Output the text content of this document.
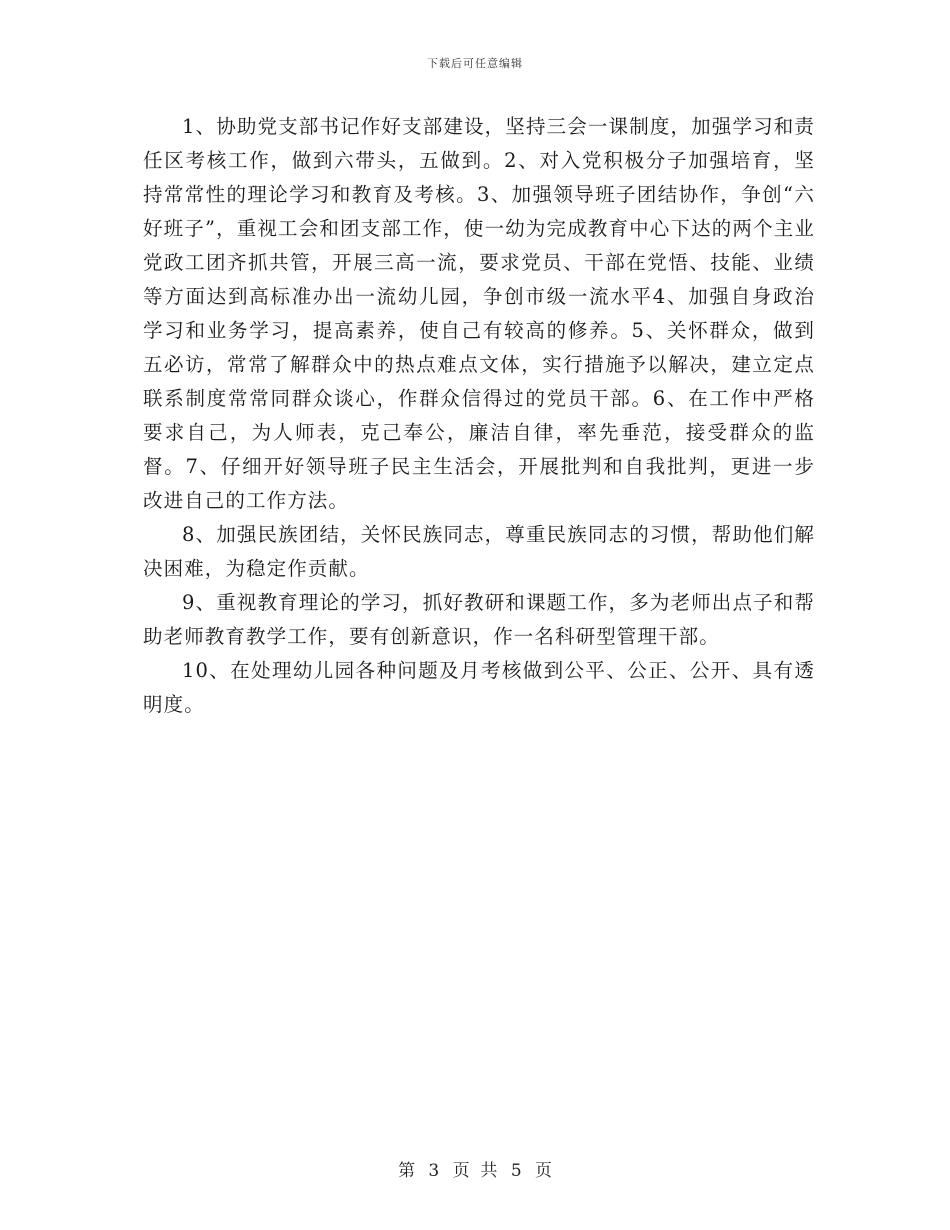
下载后可任意编辑

1、协助党支部书记作好支部建设，坚持三会一课制度，加强学习和责任区考核工作，做到六带头，五做到。2、对入党积极分子加强培育，坚持常常性的理论学习和教育及考核。3、加强领导班子团结协作，争创“六好班子”，重视工会和团支部工作，使一幼为完成教育中心下达的两个主业党政工团齐抓共管，开展三高一流，要求党员、干部在党悟、技能、业绩等方面达到高标准办出一流幼儿园，争创市级一流水平4、加强自身政治学习和业务学习，提高素养，使自己有较高的修养。5、关怀群众，做到五必访，常常了解群众中的热点难点文体，实行措施予以解决，建立定点联系制度常常同群众谈心，作群众信得过的党员干部。6、在工作中严格要求自己，为人师表，克己奉公，廉洁自律，率先垂范，接受群众的监督。7、仔细开好领导班子民主生活会，开展批判和自我批判，更进一步改进自己的工作方法。

8、加强民族团结，关怀民族同志，尊重民族同志的习惯，帮助他们解决困难，为稳定作贡献。

9、重视教育理论的学习，抓好教研和课题工作，多为老师出点子和帮助老师教育教学工作，要有创新意识，作一名科研型管理干部。

10、在处理幼儿园各种问题及月考核做到公平、公正、公开、具有透明度。

第 3 页  共 5 页
